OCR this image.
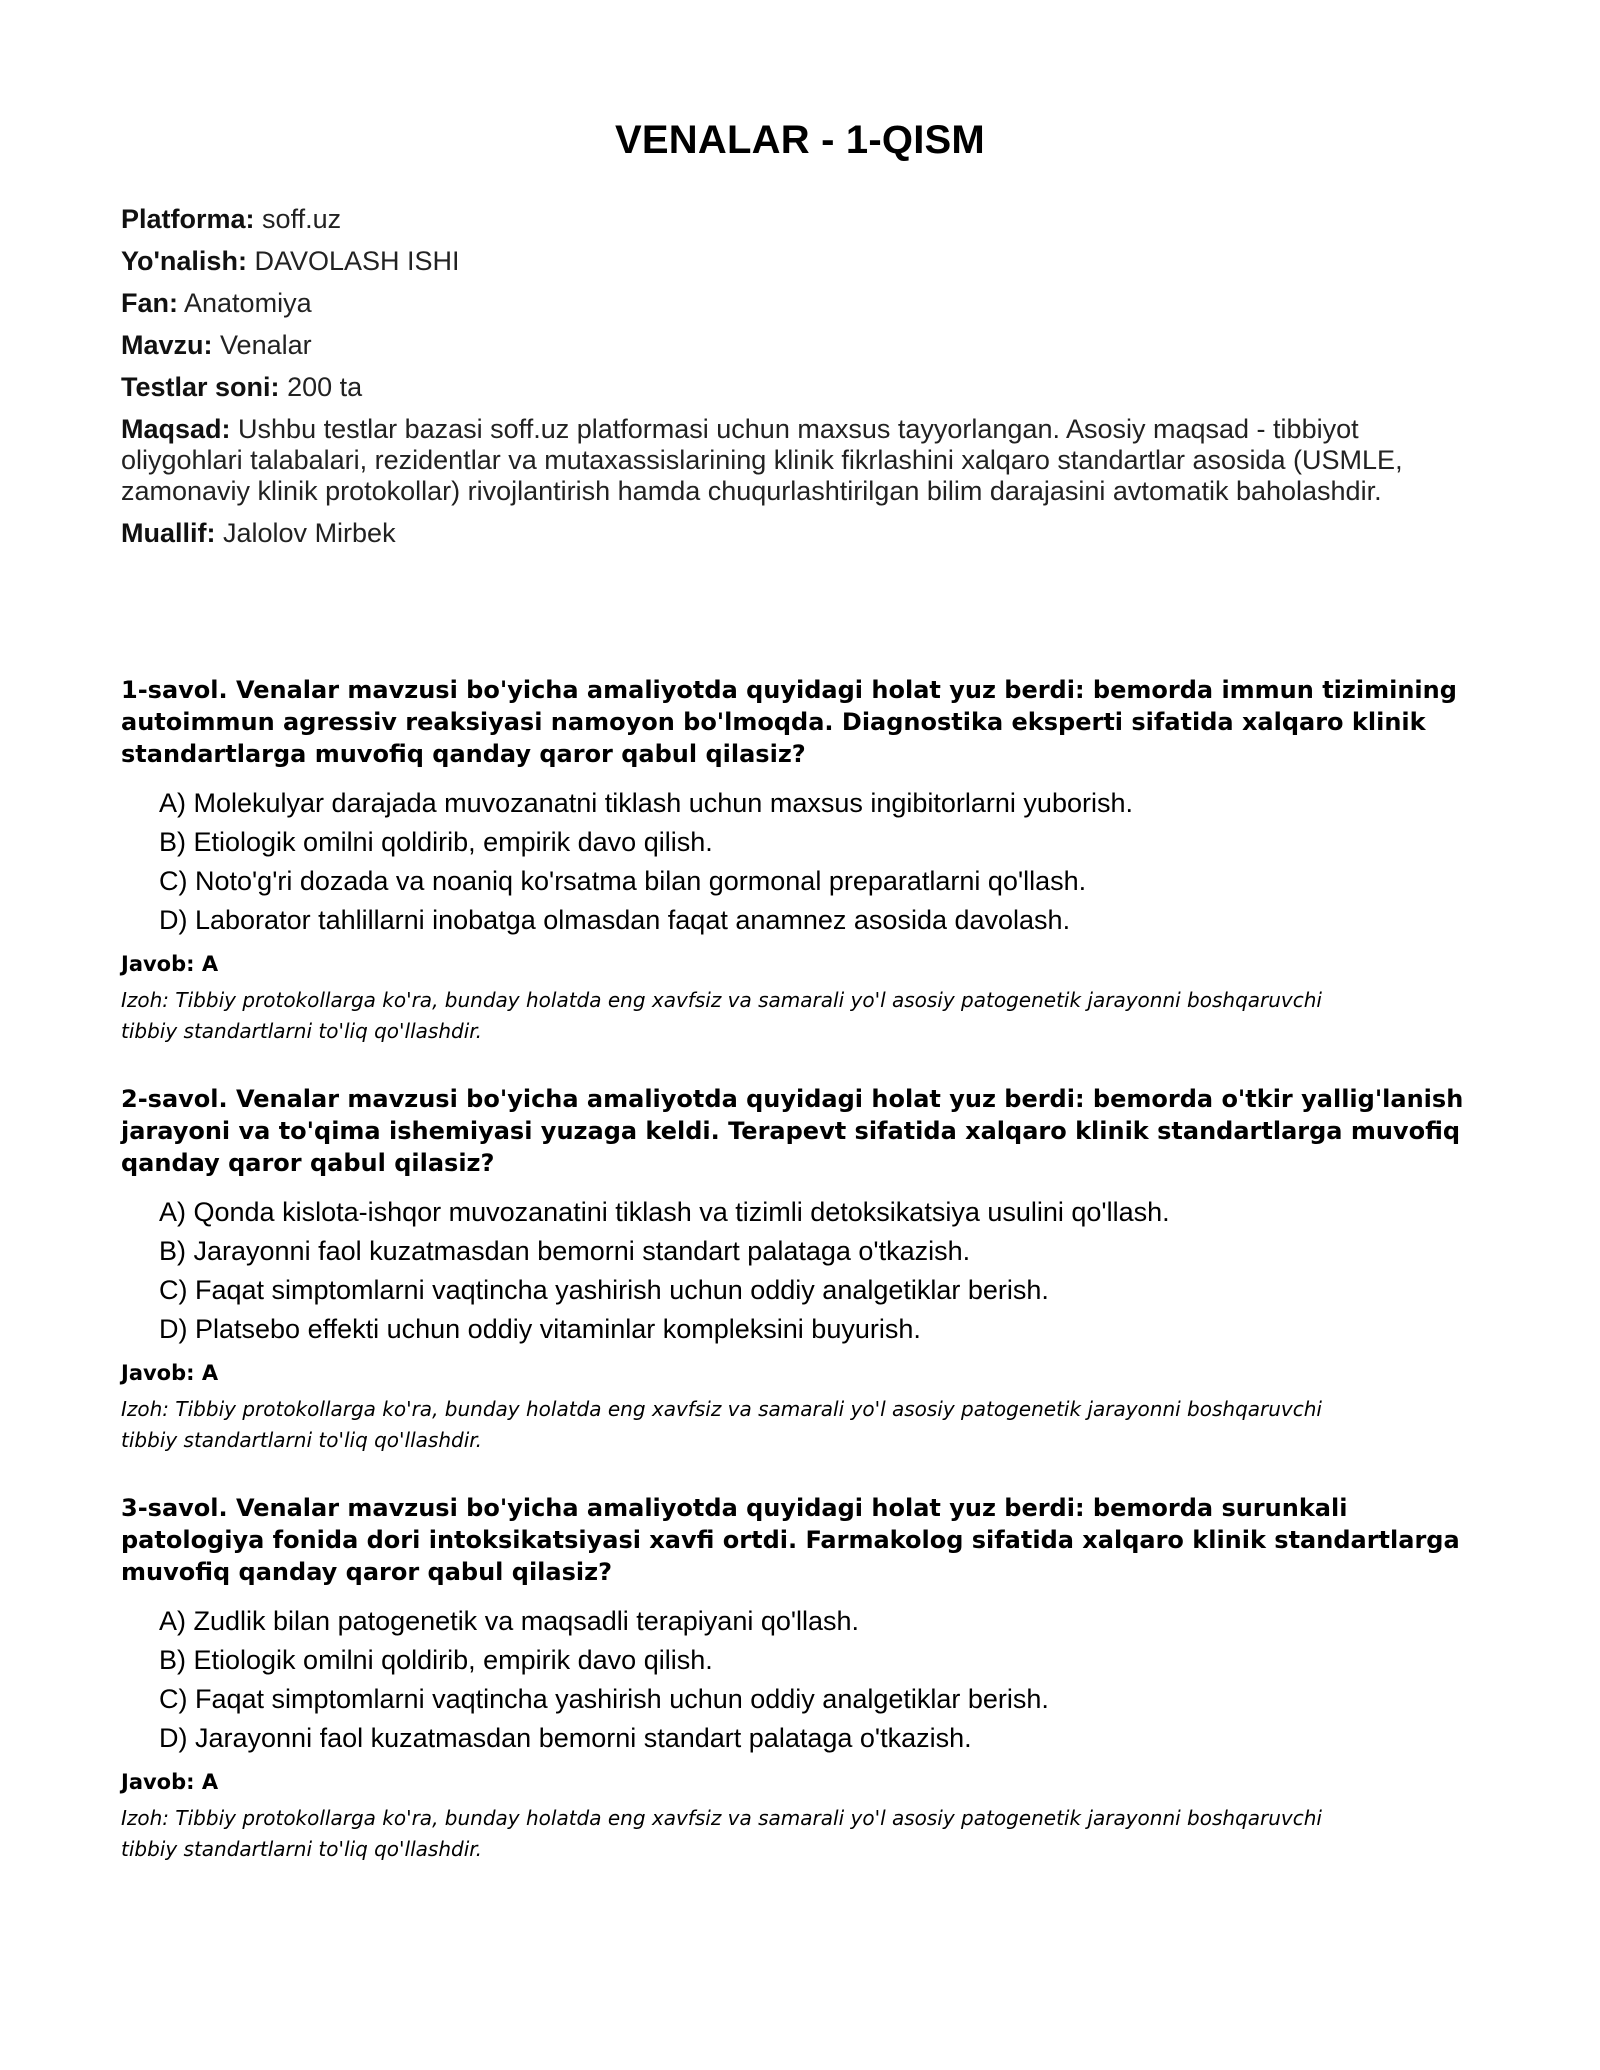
VENALAR - 1-QISM

Platforma: soff.uz

Yo'nalish: DAVOLASH ISHI

Fan: Anatomiya

Mavzu: Venalar

Testlar soni: 200 ta

Maqsad: Ushbu testlar bazasi soff.uz platformasi uchun maxsus tayyorlangan. Asosiy maqsad - tibbiyot oliygohlari talabalari, rezidentlar va mutaxassislarining klinik fikrlashini xalqaro standartlar asosida (USMLE, zamonaviy klinik protokollar) rivojlantirish hamda chuqurlashtirilgan bilim darajasini avtomatik baholashdir.

Muallif: Jalolov Mirbek

1-savol. Venalar mavzusi bo'yicha amaliyotda quyidagi holat yuz berdi: bemorda immun tizimining autoimmun agressiv reaksiyasi namoyon bo'lmoqda. Diagnostika eksperti sifatida xalqaro klinik standartlarga muvofiq qanday qaror qabul qilasiz?

A) Molekulyar darajada muvozanatni tiklash uchun maxsus ingibitorlarni yuborish.
B) Etiologik omilni qoldirib, empirik davo qilish.
C) Noto'g'ri dozada va noaniq ko'rsatma bilan gormonal preparatlarni qo'llash.
D) Laborator tahlillarni inobatga olmasdan faqat anamnez asosida davolash.

Javob: A

Izoh: Tibbiy protokollarga ko'ra, bunday holatda eng xavfsiz va samarali yo'l asosiy patogenetik jarayonni boshqaruvchi tibbiy standartlarni to'liq qo'llashdir.

2-savol. Venalar mavzusi bo'yicha amaliyotda quyidagi holat yuz berdi: bemorda o'tkir yallig'lanish jarayoni va to'qima ishemiyasi yuzaga keldi. Terapevt sifatida xalqaro klinik standartlarga muvofiq qanday qaror qabul qilasiz?

A) Qonda kislota-ishqor muvozanatini tiklash va tizimli detoksikatsiya usulini qo'llash.
B) Jarayonni faol kuzatmasdan bemorni standart palataga o'tkazish.
C) Faqat simptomlarni vaqtincha yashirish uchun oddiy analgetiklar berish.
D) Platsebo effekti uchun oddiy vitaminlar kompleksini buyurish.

Javob: A

Izoh: Tibbiy protokollarga ko'ra, bunday holatda eng xavfsiz va samarali yo'l asosiy patogenetik jarayonni boshqaruvchi tibbiy standartlarni to'liq qo'llashdir.

3-savol. Venalar mavzusi bo'yicha amaliyotda quyidagi holat yuz berdi: bemorda surunkali patologiya fonida dori intoksikatsiyasi xavfi ortdi. Farmakolog sifatida xalqaro klinik standartlarga muvofiq qanday qaror qabul qilasiz?

A) Zudlik bilan patogenetik va maqsadli terapiyani qo'llash.
B) Etiologik omilni qoldirib, empirik davo qilish.
C) Faqat simptomlarni vaqtincha yashirish uchun oddiy analgetiklar berish.
D) Jarayonni faol kuzatmasdan bemorni standart palataga o'tkazish.

Javob: A

Izoh: Tibbiy protokollarga ko'ra, bunday holatda eng xavfsiz va samarali yo'l asosiy patogenetik jarayonni boshqaruvchi tibbiy standartlarni to'liq qo'llashdir.
